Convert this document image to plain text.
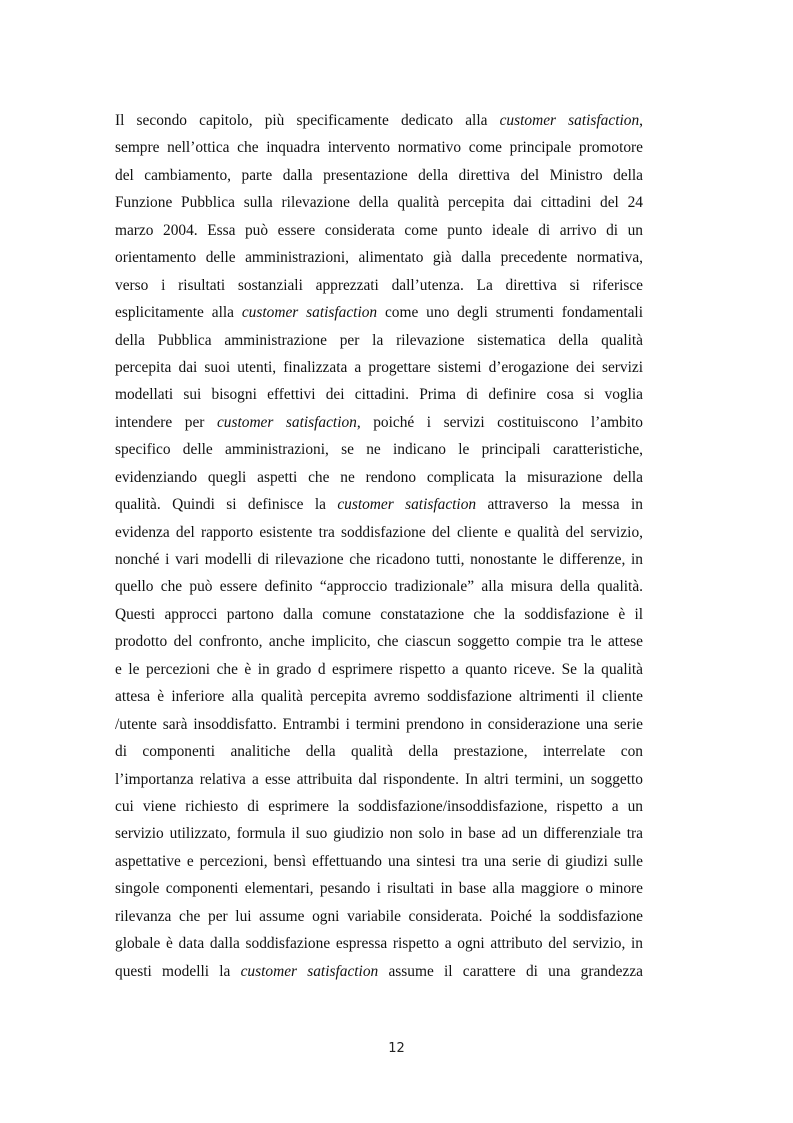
Il secondo capitolo, più specificamente dedicato alla customer satisfaction,
sempre nell’ottica che inquadra intervento normativo come principale promotore
del cambiamento, parte dalla presentazione della direttiva del Ministro della
Funzione Pubblica sulla rilevazione della qualità percepita dai cittadini del 24
marzo 2004. Essa può essere considerata come punto ideale di arrivo di un
orientamento delle amministrazioni, alimentato già dalla precedente normativa,
verso i risultati sostanziali apprezzati dall’utenza. La direttiva si riferisce
esplicitamente alla customer satisfaction come uno degli strumenti fondamentali
della Pubblica amministrazione per la rilevazione sistematica della qualità
percepita dai suoi utenti, finalizzata a progettare sistemi d’erogazione dei servizi
modellati sui bisogni effettivi dei cittadini. Prima di definire cosa si voglia
intendere per customer satisfaction, poiché i servizi costituiscono l’ambito
specifico delle amministrazioni, se ne indicano le principali caratteristiche,
evidenziando quegli aspetti che ne rendono complicata la misurazione della
qualità. Quindi si definisce la customer satisfaction attraverso la messa in
evidenza del rapporto esistente tra soddisfazione del cliente e qualità del servizio,
nonché i vari modelli di rilevazione che ricadono tutti, nonostante le differenze, in
quello che può essere definito “approccio tradizionale” alla misura della qualità.
Questi approcci partono dalla comune constatazione che la soddisfazione è il
prodotto del confronto, anche implicito, che ciascun soggetto compie tra le attese
e le percezioni che è in grado d esprimere rispetto a quanto riceve. Se la qualità
attesa è inferiore alla qualità percepita avremo soddisfazione altrimenti il cliente
/utente sarà insoddisfatto. Entrambi i termini prendono in considerazione una serie
di componenti analitiche della qualità della prestazione, interrelate con
l’importanza relativa a esse attribuita dal rispondente. In altri termini, un soggetto
cui viene richiesto di esprimere la soddisfazione/insoddisfazione, rispetto a un
servizio utilizzato, formula il suo giudizio non solo in base ad un differenziale tra
aspettative e percezioni, bensì effettuando una sintesi tra una serie di giudizi sulle
singole componenti elementari, pesando i risultati in base alla maggiore o minore
rilevanza che per lui assume ogni variabile considerata. Poiché la soddisfazione
globale è data dalla soddisfazione espressa rispetto a ogni attributo del servizio, in
questi modelli la customer satisfaction assume il carattere di una grandezza

12
